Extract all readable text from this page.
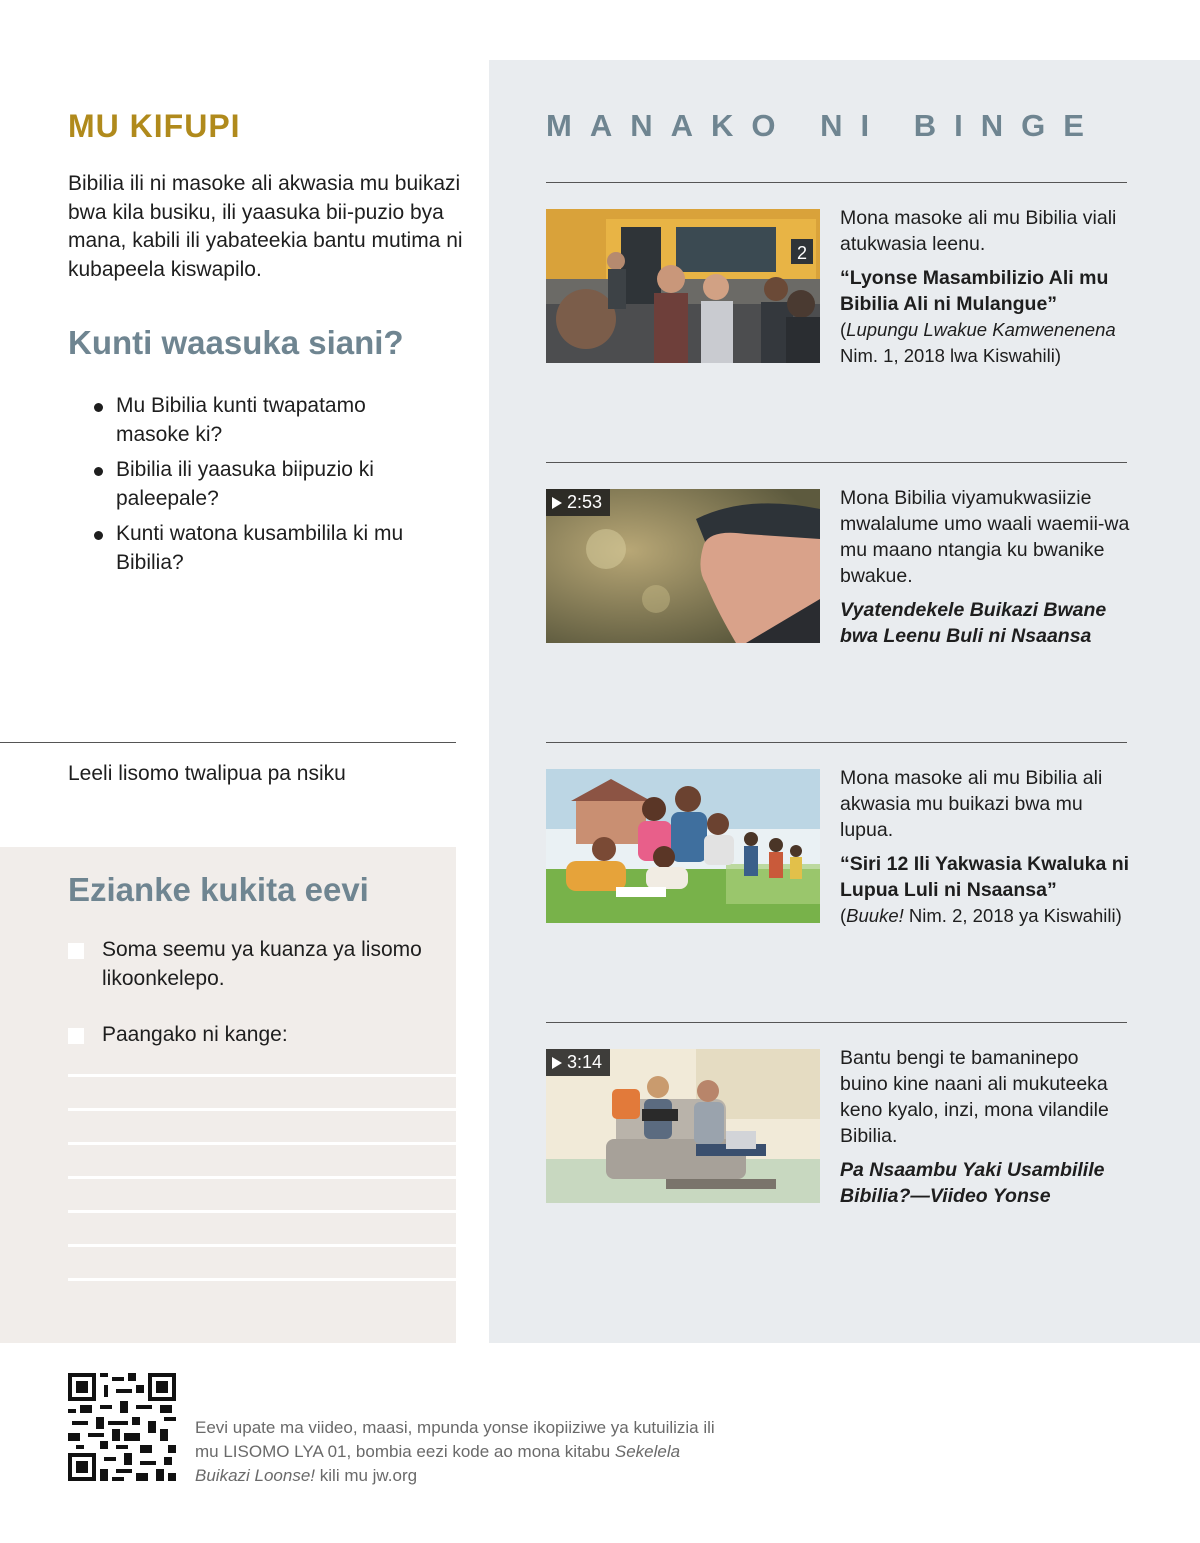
MU KIFUPI
Bibilia ili ni masoke ali akwasia mu buikazi bwa kila busiku, ili yaasuka bii-puzio bya mana, kabili ili yabateekia bantu mutima ni kubapeela kiswapilo.
Kunti waasuka siani?
Mu Bibilia kunti twapatamo masoke ki?
Bibilia ili yaasuka biipuzio ki paleepale?
Kunti watona kusambilila ki mu Bibilia?
Leeli lisomo twalipua pa nsiku
Soma seemu ya kuanza ya lisomo likoonkelepo.
Paangako ni kange:
Ezianke kukita eevi
MANAKO NI BINGE
2

Mona masoke ali mu Bibilia viali atukwasia leenu.

“Lyonse Masambilizio Ali mu Bibilia Ali ni Mulangue”

(Lupungu Lwakue Kamwenenena
Nim. 1, 2018 lwa Kiswahili)

2:53	Mona Bibilia viyamukwasiizie mwalalume umo waali waemii-wa mu maano ntangia ku bwanike bwakue.

Vyatendekele Buikazi Bwane bwa Leenu Buli ni Nsaansa

Mona masoke ali mu Bibilia ali akwasia mu buikazi bwa mu lupua.

“Siri 12 Ili Yakwasia Kwaluka ni Lupua Luli ni Nsaansa”

(Buuke! Nim. 2, 2018 ya Kiswahili)

3:14	Bantu bengi te bamaninepo buino kine naani ali mukuteeka keno kyalo, inzi, mona vilandile Bibilia.

Pa Nsaambu Yaki Usambilile Bibilia?—Viideo Yonse

Eevi upate ma viideo, maasi, mpunda yonse ikopiiziwe ya kutuilizia ili mu LISOMO LYA 01, bombia eezi kode ao mona kitabu Sekelela Buikazi Loonse! kili mu jw.org
